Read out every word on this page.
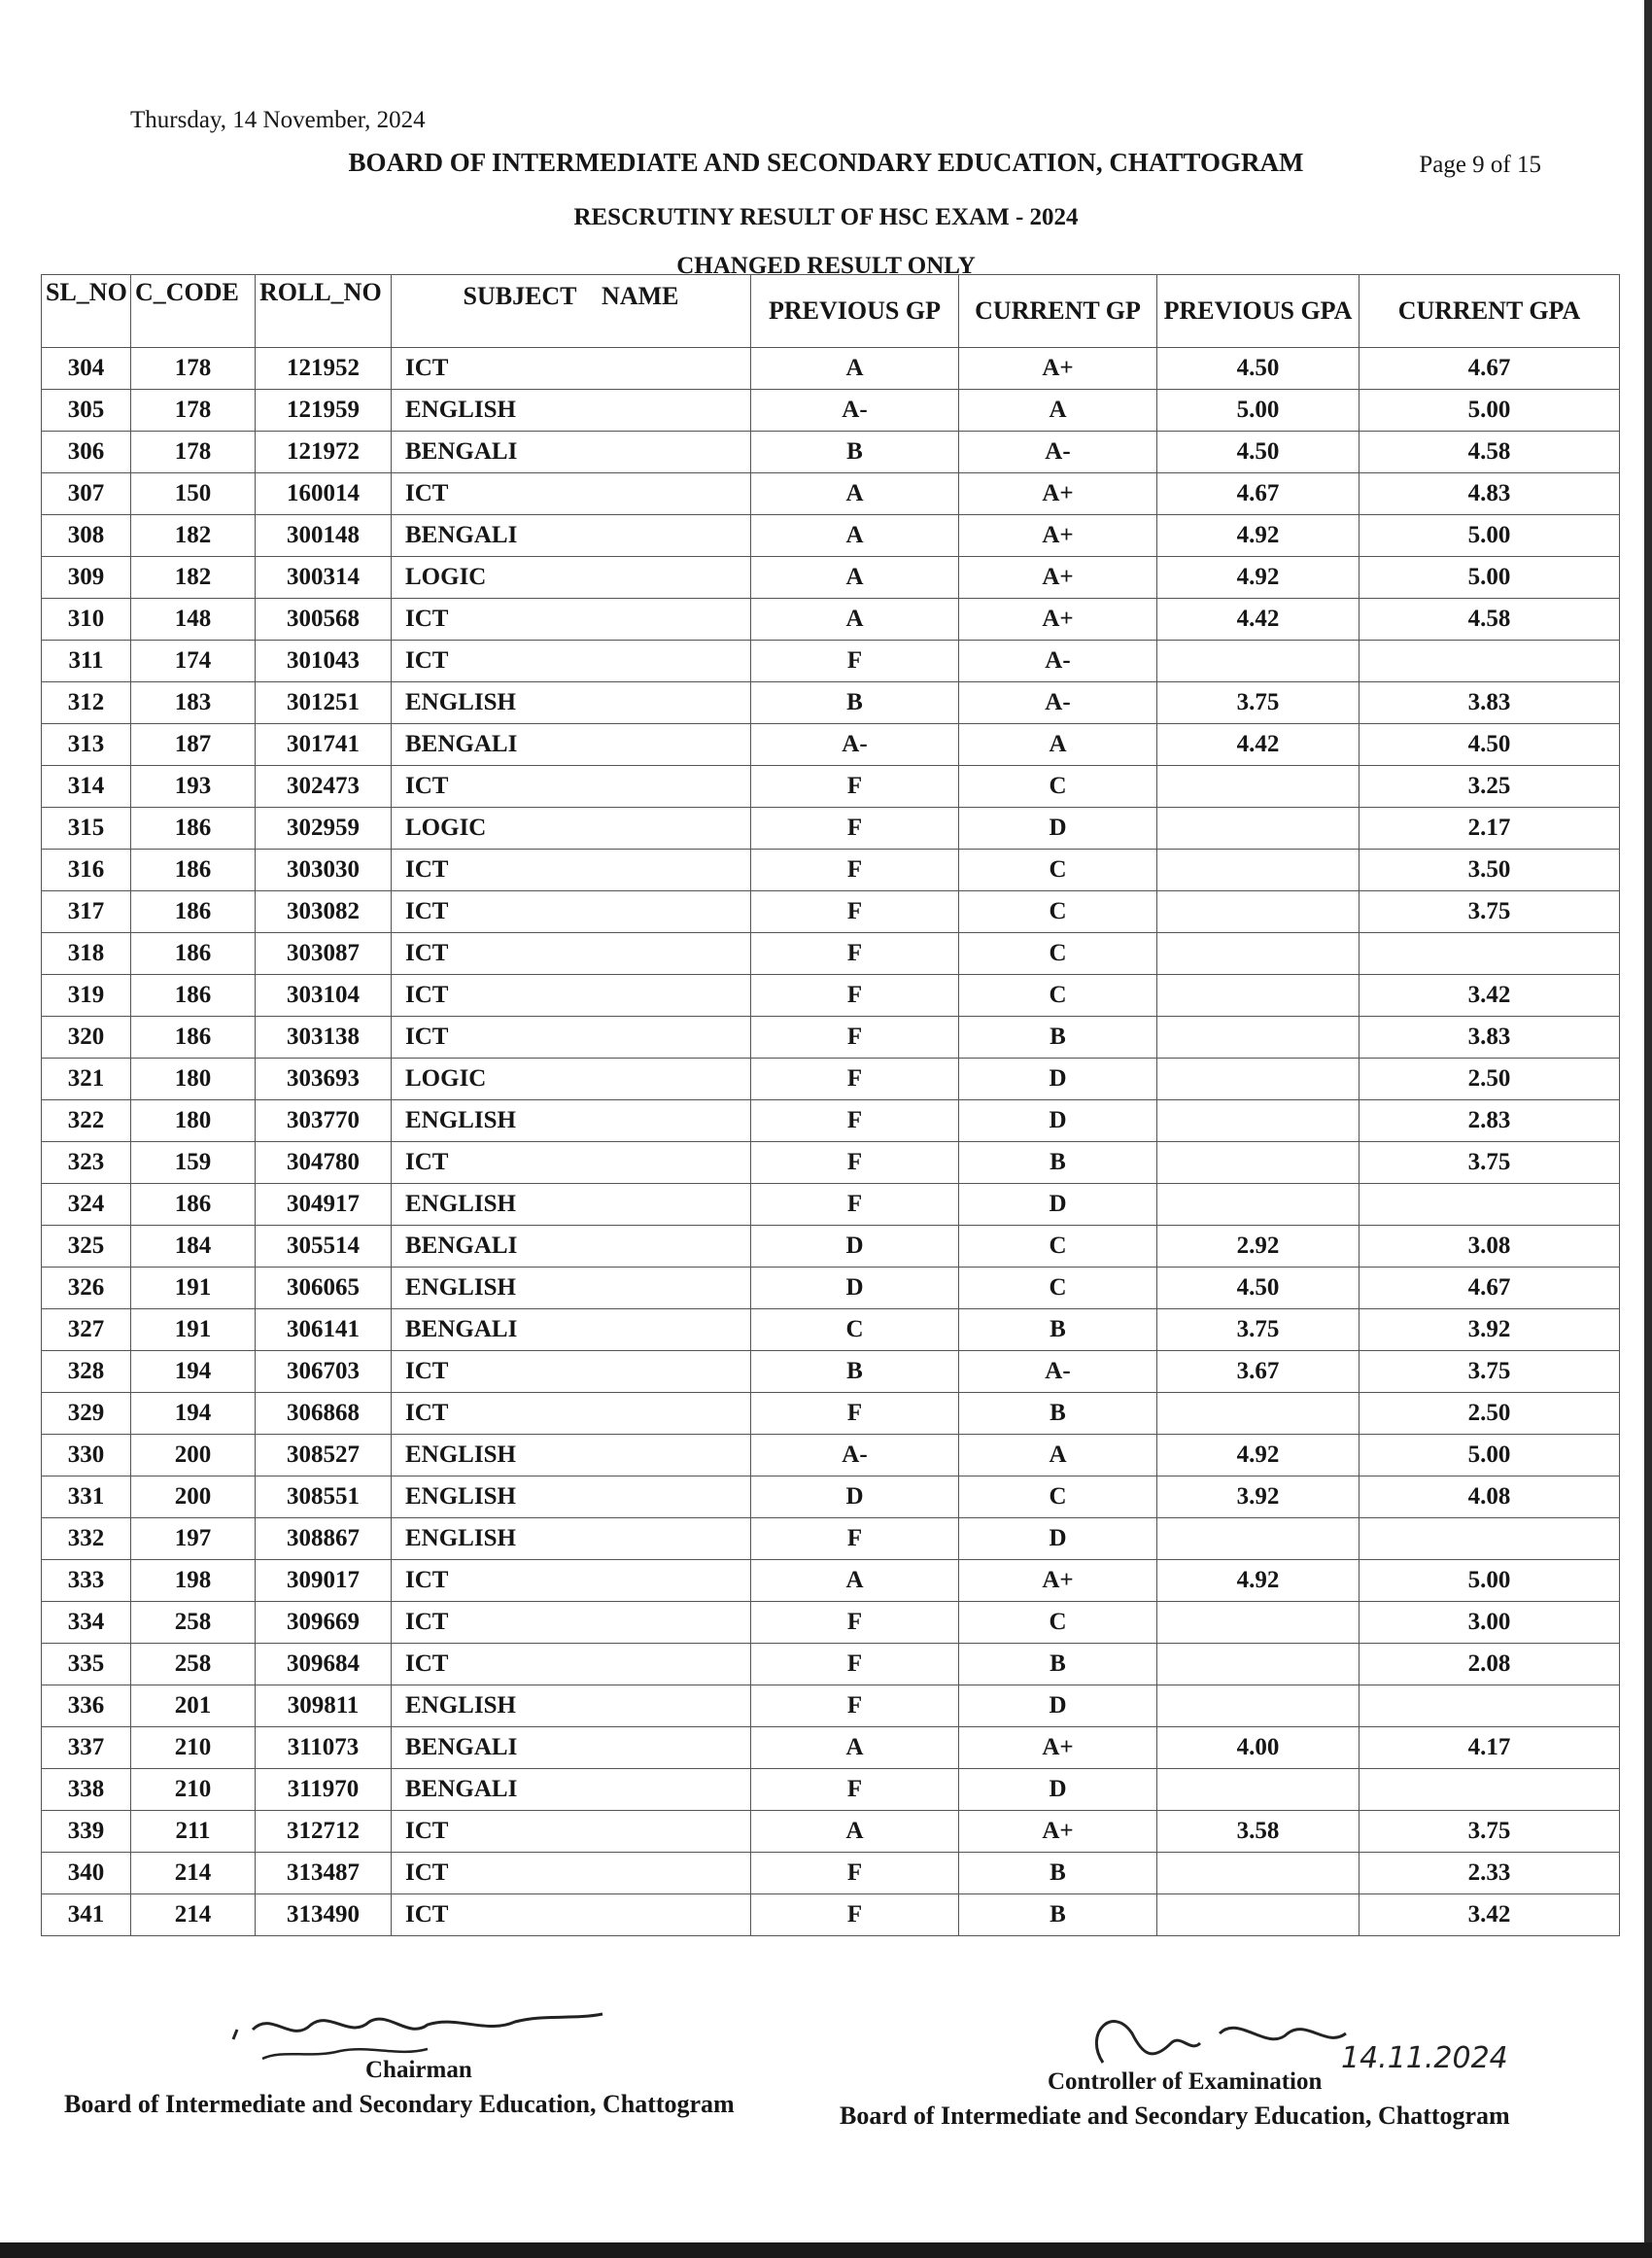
Thursday, 14 November, 2024
BOARD OF INTERMEDIATE AND SECONDARY EDUCATION, CHATTOGRAM	Page 9 of 15
RESCRUTINY RESULT OF HSC EXAM - 2024
CHANGED RESULT ONLY
SL_NO	C_CODE	ROLL_NO	SUBJECT    NAME	PREVIOUS GP	CURRENT GP	PREVIOUS GPA	CURRENT GPA
304	178	121952	ICT	A	A+	4.50	4.67
305	178	121959	ENGLISH	A-	A	5.00	5.00
306	178	121972	BENGALI	B	A-	4.50	4.58
307	150	160014	ICT	A	A+	4.67	4.83
308	182	300148	BENGALI	A	A+	4.92	5.00
309	182	300314	LOGIC	A	A+	4.92	5.00
310	148	300568	ICT	A	A+	4.42	4.58
311	174	301043	ICT	F	A-		
312	183	301251	ENGLISH	B	A-	3.75	3.83
313	187	301741	BENGALI	A-	A	4.42	4.50
314	193	302473	ICT	F	C		3.25
315	186	302959	LOGIC	F	D		2.17
316	186	303030	ICT	F	C		3.50
317	186	303082	ICT	F	C		3.75
318	186	303087	ICT	F	C		
319	186	303104	ICT	F	C		3.42
320	186	303138	ICT	F	B		3.83
321	180	303693	LOGIC	F	D		2.50
322	180	303770	ENGLISH	F	D		2.83
323	159	304780	ICT	F	B		3.75
324	186	304917	ENGLISH	F	D		
325	184	305514	BENGALI	D	C	2.92	3.08
326	191	306065	ENGLISH	D	C	4.50	4.67
327	191	306141	BENGALI	C	B	3.75	3.92
328	194	306703	ICT	B	A-	3.67	3.75
329	194	306868	ICT	F	B		2.50
330	200	308527	ENGLISH	A-	A	4.92	5.00
331	200	308551	ENGLISH	D	C	3.92	4.08
332	197	308867	ENGLISH	F	D		
333	198	309017	ICT	A	A+	4.92	5.00
334	258	309669	ICT	F	C		3.00
335	258	309684	ICT	F	B		2.08
336	201	309811	ENGLISH	F	D		
337	210	311073	BENGALI	A	A+	4.00	4.17
338	210	311970	BENGALI	F	D		
339	211	312712	ICT	A	A+	3.58	3.75
340	214	313487	ICT	F	B		2.33
341	214	313490	ICT	F	B		3.42
Chairman
Board of Intermediate and Secondary Education, Chattogram
14.11.2024
Controller of Examination
Board of Intermediate and Secondary Education, Chattogram
